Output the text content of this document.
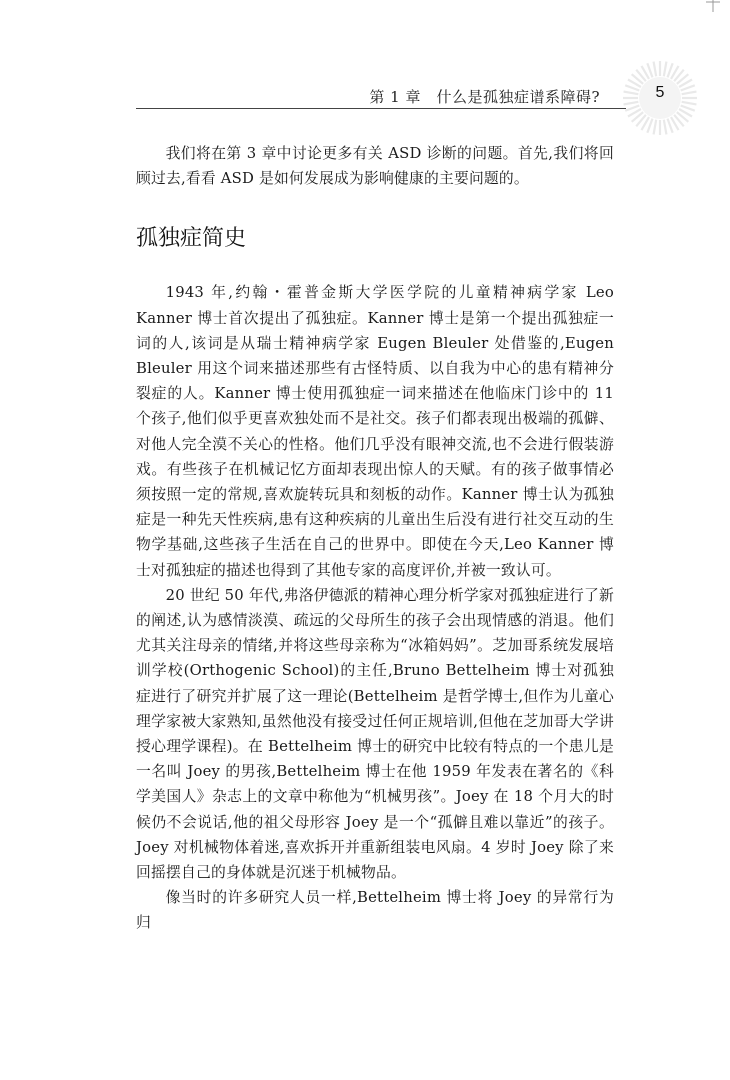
第 1 章　什么是孤独症谱系障碍?	5

我们将在第 3 章中讨论更多有关 ASD 诊断的问题。首先,我们将回顾过去,看看 ASD 是如何发展成为影响健康的主要问题的。

孤独症简史

1943 年,约翰・霍普金斯大学医学院的儿童精神病学家 Leo Kanner 博士首次提出了孤独症。Kanner 博士是第一个提出孤独症一词的人,该词是从瑞士精神病学家 Eugen Bleuler 处借鉴的,Eugen Bleuler 用这个词来描述那些有古怪特质、以自我为中心的患有精神分裂症的人。Kanner 博士使用孤独症一词来描述在他临床门诊中的 11 个孩子,他们似乎更喜欢独处而不是社交。孩子们都表现出极端的孤僻、对他人完全漠不关心的性格。他们几乎没有眼神交流,也不会进行假装游戏。有些孩子在机械记忆方面却表现出惊人的天赋。有的孩子做事情必须按照一定的常规,喜欢旋转玩具和刻板的动作。Kanner 博士认为孤独症是一种先天性疾病,患有这种疾病的儿童出生后没有进行社交互动的生物学基础,这些孩子生活在自己的世界中。即使在今天,Leo Kanner 博士对孤独症的描述也得到了其他专家的高度评价,并被一致认可。

20 世纪 50 年代,弗洛伊德派的精神心理分析学家对孤独症进行了新的阐述,认为感情淡漠、疏远的父母所生的孩子会出现情感的消退。他们尤其关注母亲的情绪,并将这些母亲称为“冰箱妈妈”。芝加哥系统发展培训学校(Orthogenic School)的主任,Bruno Bettelheim 博士对孤独症进行了研究并扩展了这一理论(Bettelheim 是哲学博士,但作为儿童心理学家被大家熟知,虽然他没有接受过任何正规培训,但他在芝加哥大学讲授心理学课程)。在 Bettelheim 博士的研究中比较有特点的一个患儿是一名叫 Joey 的男孩,Bettelheim 博士在他 1959 年发表在著名的《科学美国人》杂志上的文章中称他为“机械男孩”。Joey 在 18 个月大的时候仍不会说话,他的祖父母形容 Joey 是一个“孤僻且难以靠近”的孩子。Joey 对机械物体着迷,喜欢拆开并重新组装电风扇。4 岁时 Joey 除了来回摇摆自己的身体就是沉迷于机械物品。

像当时的许多研究人员一样,Bettelheim 博士将 Joey 的异常行为归
